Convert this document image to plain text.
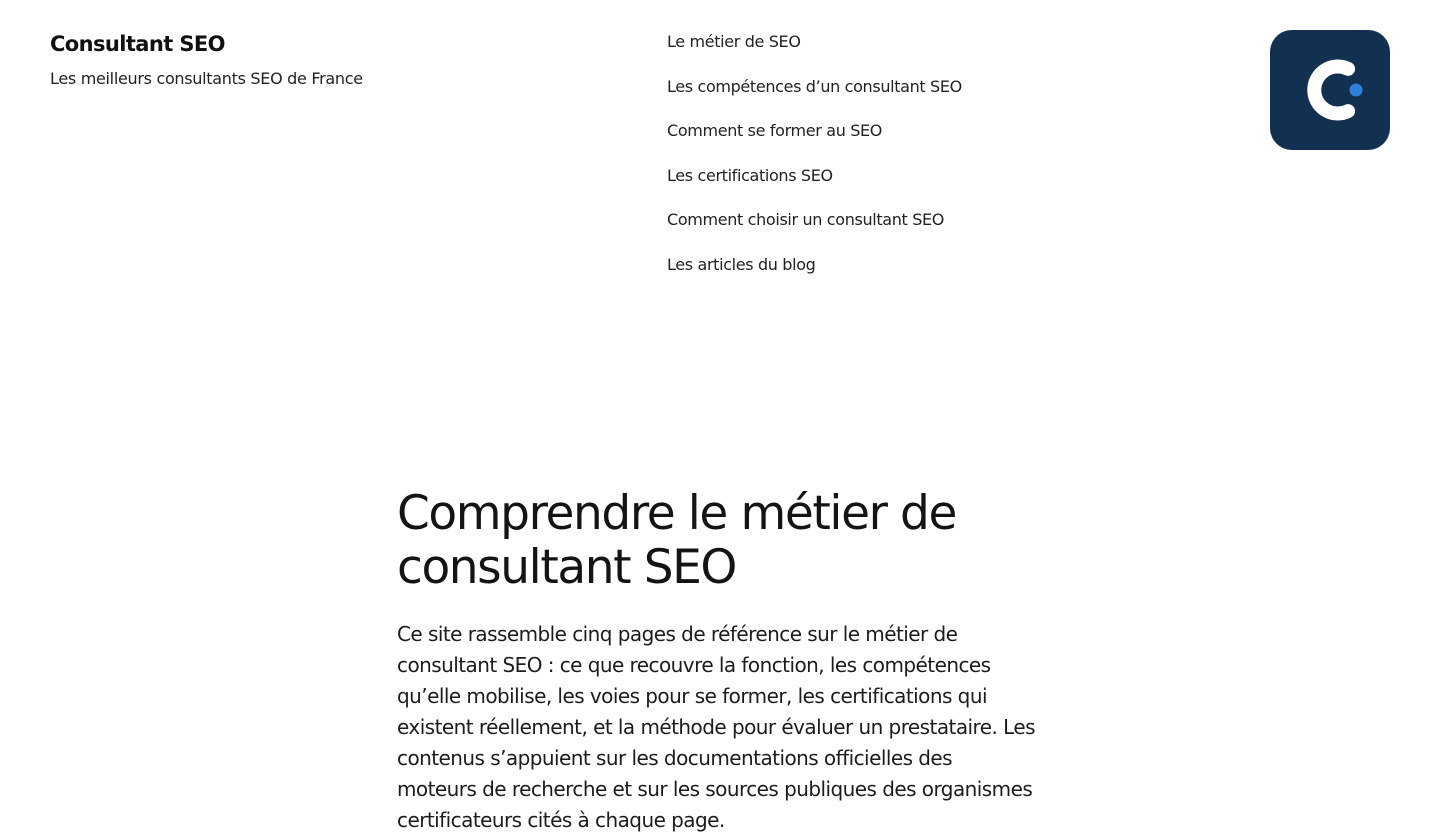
Consultant SEO
Les meilleurs consultants SEO de France
Le métier de SEO
Les compétences d’un consultant SEO
Comment se former au SEO
Les certifications SEO
Comment choisir un consultant SEO
Les articles du blog
Comprendre le métier de consultant SEO

Ce site rassemble cinq pages de référence sur le métier de consultant SEO : ce que recouvre la fonction, les compétences qu’elle mobilise, les voies pour se former, les certifications qui existent réellement, et la méthode pour évaluer un prestataire. Les contenus s’appuient sur les documentations officielles des moteurs de recherche et sur les sources publiques des organismes certificateurs cités à chaque page.
